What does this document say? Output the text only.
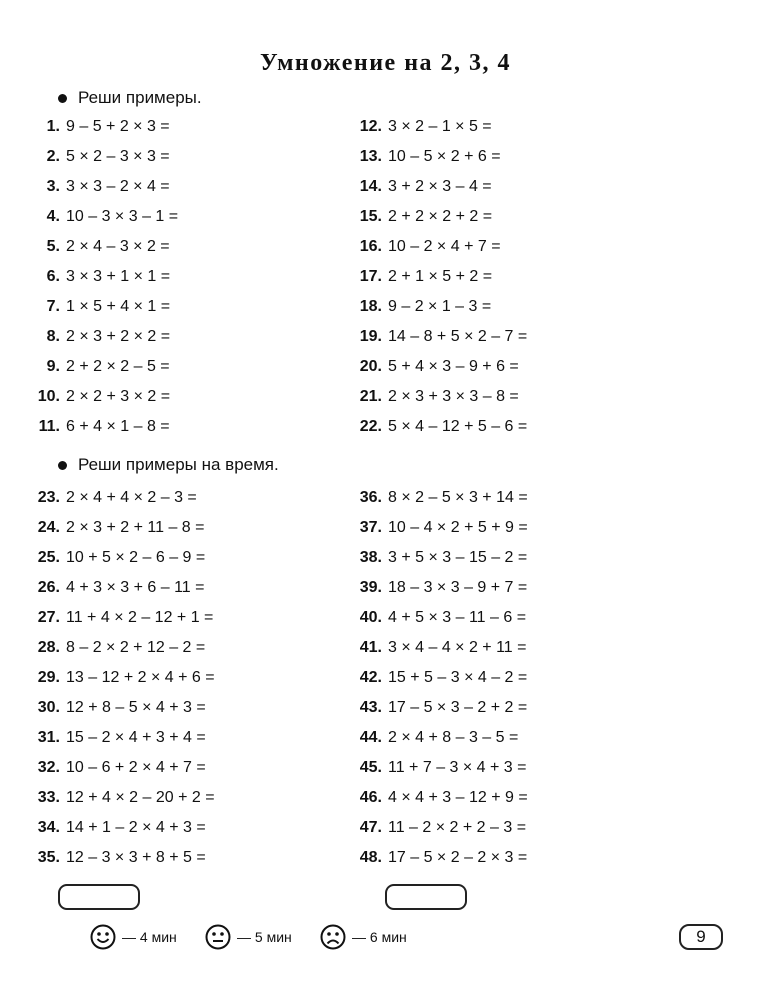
Умножение на 2, 3, 4
Реши примеры.
1. 9 – 5 + 2 × 3 =
2. 5 × 2 – 3 × 3 =
3. 3 × 3 – 2 × 4 =
4. 10 – 3 × 3 – 1 =
5. 2 × 4 – 3 × 2 =
6. 3 × 3 + 1 × 1 =
7. 1 × 5 + 4 × 1 =
8. 2 × 3 + 2 × 2 =
9. 2 + 2 × 2 – 5 =
10. 2 × 2 + 3 × 2 =
11. 6 + 4 × 1 – 8 =
12. 3 × 2 – 1 × 5 =
13. 10 – 5 × 2 + 6 =
14. 3 + 2 × 3 – 4 =
15. 2 + 2 × 2 + 2 =
16. 10 – 2 × 4 + 7 =
17. 2 + 1 × 5 + 2 =
18. 9 – 2 × 1 – 3 =
19. 14 – 8 + 5 × 2 – 7 =
20. 5 + 4 × 3 – 9 + 6 =
21. 2 × 3 + 3 × 3 – 8 =
22. 5 × 4 – 12 + 5 – 6 =
Реши примеры на время.
23. 2 × 4 + 4 × 2 – 3 =
24. 2 × 3 + 2 + 11 – 8 =
25. 10 + 5 × 2 – 6 – 9 =
26. 4 + 3 × 3 + 6 – 11 =
27. 11 + 4 × 2 – 12 + 1 =
28. 8 – 2 × 2 + 12 – 2 =
29. 13 – 12 + 2 × 4 + 6 =
30. 12 + 8 – 5 × 4 + 3 =
31. 15 – 2 × 4 + 3 + 4 =
32. 10 – 6 + 2 × 4 + 7 =
33. 12 + 4 × 2 – 20 + 2 =
34. 14 + 1 – 2 × 4 + 3 =
35. 12 – 3 × 3 + 8 + 5 =
36. 8 × 2 – 5 × 3 + 14 =
37. 10 – 4 × 2 + 5 + 9 =
38. 3 + 5 × 3 – 15 – 2 =
39. 18 – 3 × 3 – 9 + 7 =
40. 4 + 5 × 3 – 11 – 6 =
41. 3 × 4 – 4 × 2 + 11 =
42. 15 + 5 – 3 × 4 – 2 =
43. 17 – 5 × 3 – 2 + 2 =
44. 2 × 4 + 8 – 3 – 5 =
45. 11 + 7 – 3 × 4 + 3 =
46. 4 × 4 + 3 – 12 + 9 =
47. 11 – 2 × 2 + 2 – 3 =
48. 17 – 5 × 2 – 2 × 3 =
— 4 мин	— 5 мин	— 6 мин	9
